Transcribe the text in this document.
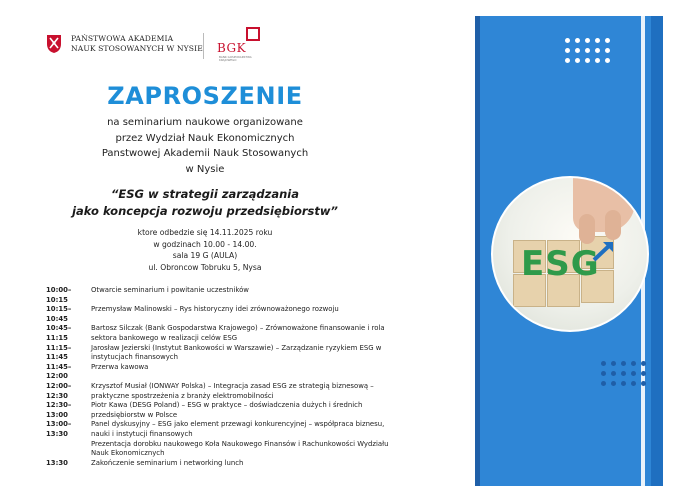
PAŃSTWOWA AKADEMIA
NAUK STOSOWANYCH W NYSIE BGK
BANK GOSPODARSTWA KRAJOWEGO
ZAPROSZENIE
na seminarium naukowe organizowane
przez Wydział Nauk Ekonomicznych
Panstwowej Akademii Nauk Stosowanych
w Nysie
“ESG w strategii zarządzania
jako koncepcja rozwoju przedsiębiorstw”
ktore odbedzie się 14.11.2025 roku
w godzinach 10.00 - 14.00.
sala 19 G (AULA)
ul. Obroncow Tobruku 5, Nysa
10:00–10:15
Otwarcie seminarium i powitanie uczestników
10:15–10:45
Przemysław Malinowski – Rys historyczny idei zrównoważonego rozwoju
10:45–11:15
Bartosz Silczak (Bank Gospodarstwa Krajowego) – Zrównoważone finansowanie i rola sektora bankowego w realizacji celów ESG
11:15–11:45
Jarosław Jezierski (Instytut Bankowości w Warszawie) – Zarządzanie ryzykiem ESG w instytucjach finansowych
11:45–12:00
Przerwa kawowa
12:00–12:30
Krzysztof Musiał (IONWAY Polska) – Integracja zasad ESG ze strategią biznesową – praktyczne spostrzeżenia z branży elektromobilności
12:30–13:00
Piotr Kawa (DESG Poland) – ESG w praktyce – doświadczenia dużych i średnich przedsiębiorstw w Polsce
13:00–13:30
Panel dyskusyjny – ESG jako element przewagi konkurencyjnej – współpraca biznesu, nauki i instytucji finansowych
Prezentacja dorobku naukowego Koła Naukowego Finansów i Rachunkowości Wydziału Nauk Ekonomicznych
13:30	Zakończenie seminarium i networking lunch
ESG
